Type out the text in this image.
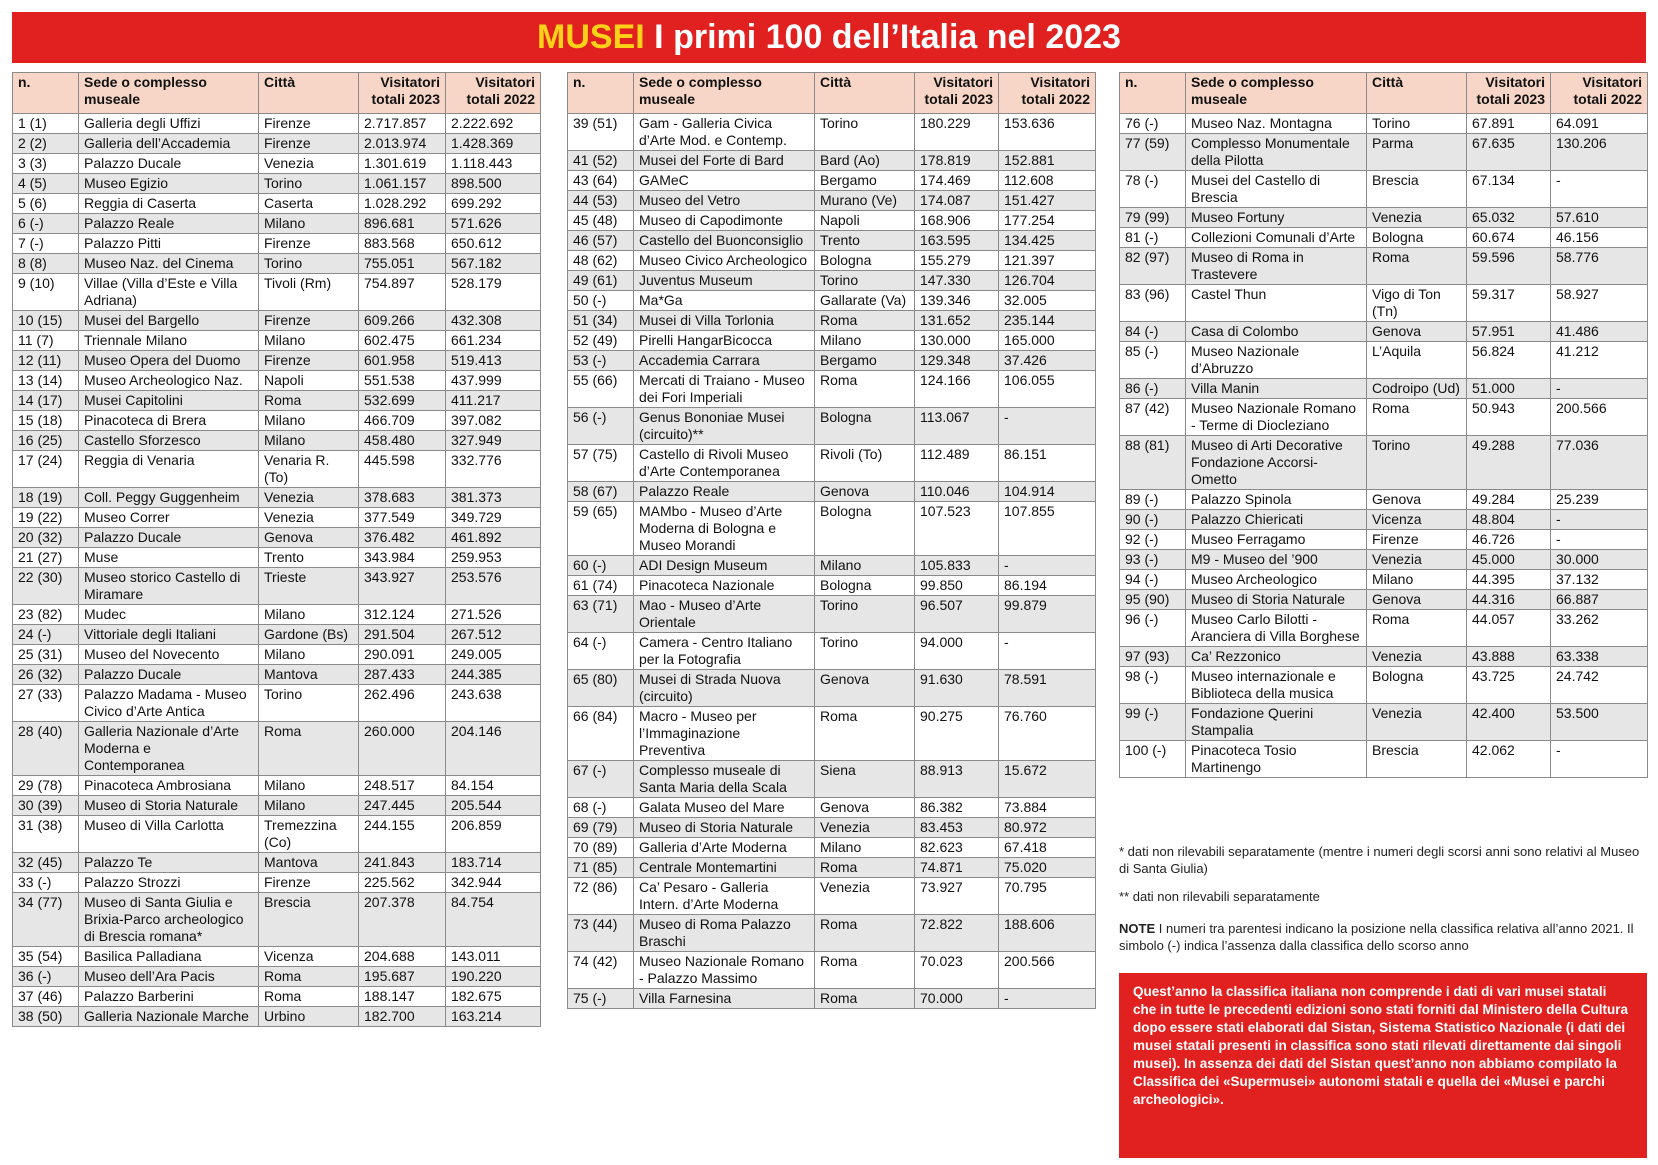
MUSEI I primi 100 dell’Italia nel 2023
n.	Sede o complesso museale	Città	Visitatori totali 2023	Visitatori totali 2022
1 (1)	Galleria degli Uffizi	Firenze	2.717.857	2.222.692
2 (2)	Galleria dell’Accademia	Firenze	2.013.974	1.428.369
3 (3)	Palazzo Ducale	Venezia	1.301.619	1.118.443
4 (5)	Museo Egizio	Torino	1.061.157	898.500
5 (6)	Reggia di Caserta	Caserta	1.028.292	699.292
6 (-)	Palazzo Reale	Milano	896.681	571.626
7 (-)	Palazzo Pitti	Firenze	883.568	650.612
8 (8)	Museo Naz. del Cinema	Torino	755.051	567.182
9 (10)	Villae (Villa d’Este e Villa Adriana)	Tivoli (Rm)	754.897	528.179
10 (15)	Musei del Bargello	Firenze	609.266	432.308
11 (7)	Triennale Milano	Milano	602.475	661.234
12 (11)	Museo Opera del Duomo	Firenze	601.958	519.413
13 (14)	Museo Archeologico Naz.	Napoli	551.538	437.999
14 (17)	Musei Capitolini	Roma	532.699	411.217
15 (18)	Pinacoteca di Brera	Milano	466.709	397.082
16 (25)	Castello Sforzesco	Milano	458.480	327.949
17 (24)	Reggia di Venaria	Venaria R. (To)	445.598	332.776
18 (19)	Coll. Peggy Guggenheim	Venezia	378.683	381.373
19 (22)	Museo Correr	Venezia	377.549	349.729
20 (32)	Palazzo Ducale	Genova	376.482	461.892
21 (27)	Muse	Trento	343.984	259.953
22 (30)	Museo storico Castello di Miramare	Trieste	343.927	253.576
23 (82)	Mudec	Milano	312.124	271.526
24 (-)	Vittoriale degli Italiani	Gardone (Bs)	291.504	267.512
25 (31)	Museo del Novecento	Milano	290.091	249.005
26 (32)	Palazzo Ducale	Mantova	287.433	244.385
27 (33)	Palazzo Madama - Museo Civico d’Arte Antica	Torino	262.496	243.638
28 (40)	Galleria Nazionale d’Arte Moderna e Contemporanea	Roma	260.000	204.146
29 (78)	Pinacoteca Ambrosiana	Milano	248.517	84.154
30 (39)	Museo di Storia Naturale	Milano	247.445	205.544
31 (38)	Museo di Villa Carlotta	Tremezzina (Co)	244.155	206.859
32 (45)	Palazzo Te	Mantova	241.843	183.714
33 (-)	Palazzo Strozzi	Firenze	225.562	342.944
34 (77)	Museo di Santa Giulia e Brixia-Parco archeologico di Brescia romana*	Brescia	207.378	84.754
35 (54)	Basilica Palladiana	Vicenza	204.688	143.011
36 (-)	Museo dell’Ara Pacis	Roma	195.687	190.220
37 (46)	Palazzo Barberini	Roma	188.147	182.675
38 (50)	Galleria Nazionale Marche	Urbino	182.700	163.214
n.	Sede o complesso museale	Città	Visitatori totali 2023	Visitatori totali 2022
39 (51)	Gam - Galleria Civica d’Arte Mod. e Contemp.	Torino	180.229	153.636
41 (52)	Musei del Forte di Bard	Bard (Ao)	178.819	152.881
43 (64)	GAMeC	Bergamo	174.469	112.608
44 (53)	Museo del Vetro	Murano (Ve)	174.087	151.427
45 (48)	Museo di Capodimonte	Napoli	168.906	177.254
46 (57)	Castello del Buonconsiglio	Trento	163.595	134.425
48 (62)	Museo Civico Archeologico	Bologna	155.279	121.397
49 (61)	Juventus Museum	Torino	147.330	126.704
50 (-)	Ma*Ga	Gallarate (Va)	139.346	32.005
51 (34)	Musei di Villa Torlonia	Roma	131.652	235.144
52 (49)	Pirelli HangarBicocca	Milano	130.000	165.000
53 (-)	Accademia Carrara	Bergamo	129.348	37.426
55 (66)	Mercati di Traiano - Museo dei Fori Imperiali	Roma	124.166	106.055
56 (-)	Genus Bononiae Musei (circuito)**	Bologna	113.067	-
57 (75)	Castello di Rivoli Museo d’Arte Contemporanea	Rivoli (To)	112.489	86.151
58 (67)	Palazzo Reale	Genova	110.046	104.914
59 (65)	MAMbo - Museo d’Arte Moderna di Bologna e Museo Morandi	Bologna	107.523	107.855
60 (-)	ADI Design Museum	Milano	105.833	-
61 (74)	Pinacoteca Nazionale	Bologna	99.850	86.194
63 (71)	Mao - Museo d’Arte Orientale	Torino	96.507	99.879
64 (-)	Camera - Centro Italiano per la Fotografia	Torino	94.000	-
65 (80)	Musei di Strada Nuova (circuito)	Genova	91.630	78.591
66 (84)	Macro - Museo per l’Immaginazione Preventiva	Roma	90.275	76.760
67 (-)	Complesso museale di Santa Maria della Scala	Siena	88.913	15.672
68 (-)	Galata Museo del Mare	Genova	86.382	73.884
69 (79)	Museo di Storia Naturale	Venezia	83.453	80.972
70 (89)	Galleria d’Arte Moderna	Milano	82.623	67.418
71 (85)	Centrale Montemartini	Roma	74.871	75.020
72 (86)	Ca’ Pesaro - Galleria Intern. d’Arte Moderna	Venezia	73.927	70.795
73 (44)	Museo di Roma Palazzo Braschi	Roma	72.822	188.606
74 (42)	Museo Nazionale Romano - Palazzo Massimo	Roma	70.023	200.566
75 (-)	Villa Farnesina	Roma	70.000	-
n.	Sede o complesso museale	Città	Visitatori totali 2023	Visitatori totali 2022
76 (-)	Museo Naz. Montagna	Torino	67.891	64.091
77 (59)	Complesso Monumentale della Pilotta	Parma	67.635	130.206
78 (-)	Musei del Castello di Brescia	Brescia	67.134	-
79 (99)	Museo Fortuny	Venezia	65.032	57.610
81 (-)	Collezioni Comunali d’Arte	Bologna	60.674	46.156
82 (97)	Museo di Roma in Trastevere	Roma	59.596	58.776
83 (96)	Castel Thun	Vigo di Ton (Tn)	59.317	58.927
84 (-)	Casa di Colombo	Genova	57.951	41.486
85 (-)	Museo Nazionale d’Abruzzo	L’Aquila	56.824	41.212
86 (-)	Villa Manin	Codroipo (Ud)	51.000	-
87 (42)	Museo Nazionale Romano - Terme di Diocleziano	Roma	50.943	200.566
88 (81)	Museo di Arti Decorative Fondazione Accorsi-Ometto	Torino	49.288	77.036
89 (-)	Palazzo Spinola	Genova	49.284	25.239
90 (-)	Palazzo Chiericati	Vicenza	48.804	-
92 (-)	Museo Ferragamo	Firenze	46.726	-
93 (-)	M9 - Museo del ’900	Venezia	45.000	30.000
94 (-)	Museo Archeologico	Milano	44.395	37.132
95 (90)	Museo di Storia Naturale	Genova	44.316	66.887
96 (-)	Museo Carlo Bilotti - Aranciera di Villa Borghese	Roma	44.057	33.262
97 (93)	Ca’ Rezzonico	Venezia	43.888	63.338
98 (-)	Museo internazionale e Biblioteca della musica	Bologna	43.725	24.742
99 (-)	Fondazione Querini Stampalia	Venezia	42.400	53.500
100 (-)	Pinacoteca Tosio Martinengo	Brescia	42.062	-
* dati non rilevabili separatamente (mentre i numeri degli scorsi anni sono relativi al Museo di Santa Giulia)
** dati non rilevabili separatamente
NOTE I numeri tra parentesi indicano la posizione nella classifica relativa all’anno 2021. Il simbolo (-) indica l’assenza dalla classifica dello scorso anno
Quest’anno la classifica italiana non comprende i dati di vari musei statali che in tutte le precedenti edizioni sono stati forniti dal Ministero della Cultura dopo essere stati elaborati dal Sistan, Sistema Statistico Nazionale (i dati dei musei statali presenti in classifica sono stati rilevati direttamente dai singoli musei). In assenza dei dati del Sistan quest’anno non abbiamo compilato la Classifica dei «Supermusei» autonomi statali e quella dei «Musei e parchi archeologici».
